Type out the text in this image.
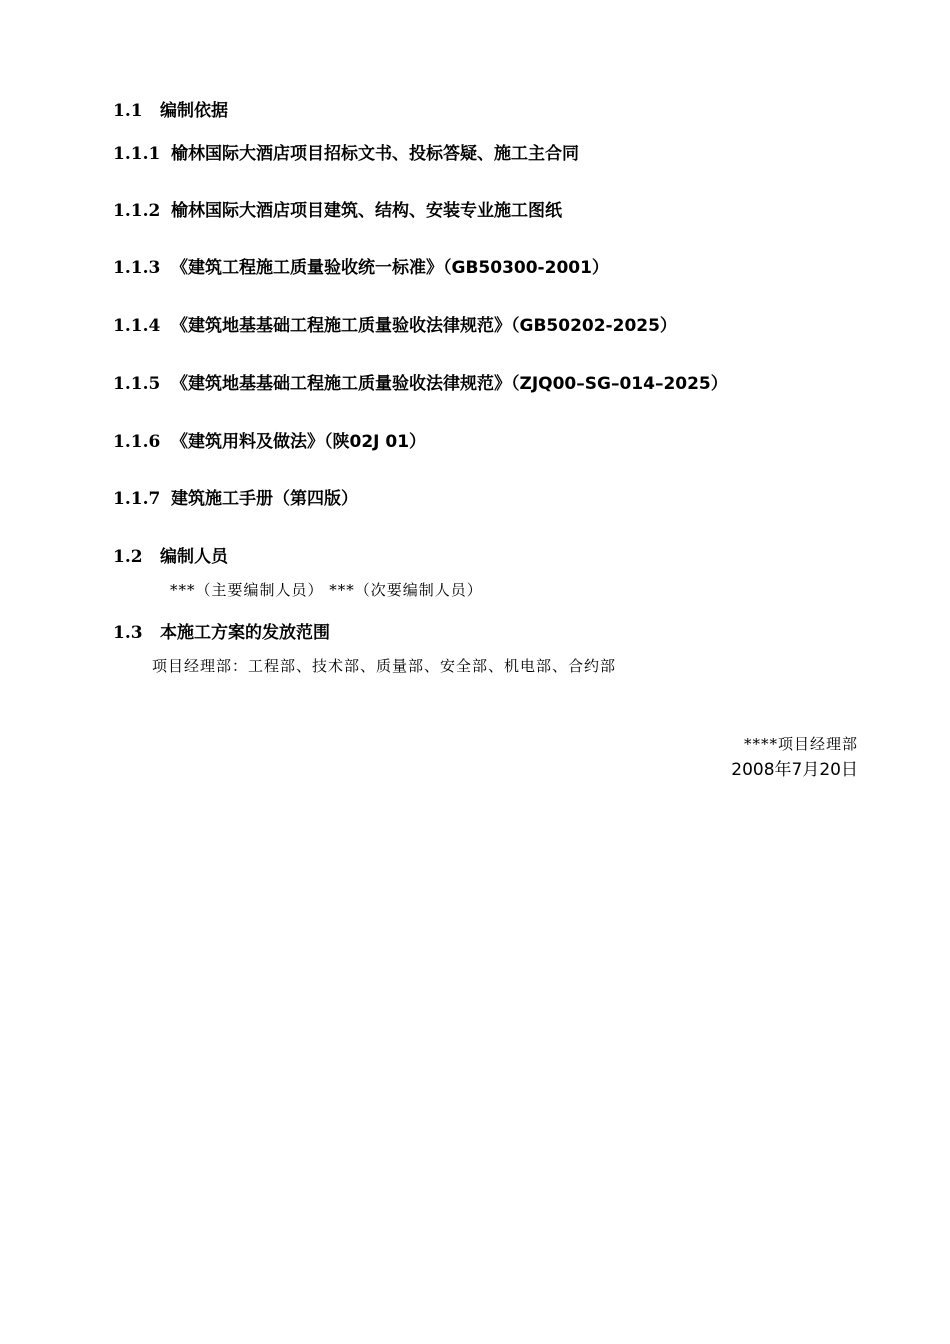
1.1 编制依据
1.1.1 榆林国际大酒店项目招标文书、投标答疑、施工主合同
1.1.2 榆林国际大酒店项目建筑、结构、安装专业施工图纸
1.1.3 《建筑工程施工质量验收统一标准》（GB50300-2001）
1.1.4 《建筑地基基础工程施工质量验收法律规范》（GB50202-2025）
1.1.5 《建筑地基基础工程施工质量验收法律规范》（ZJQ00–SG–014–2025）
1.1.6 《建筑用料及做法》（陕02J 01）
1.1.7 建筑施工手册（第四版）
1.2 编制人员
***（主要编制人员） ***（次要编制人员）
1.3 本施工方案的发放范围
项目经理部：工程部、技术部、质量部、安全部、机电部、合约部
****项目经理部
2008年7月20日
